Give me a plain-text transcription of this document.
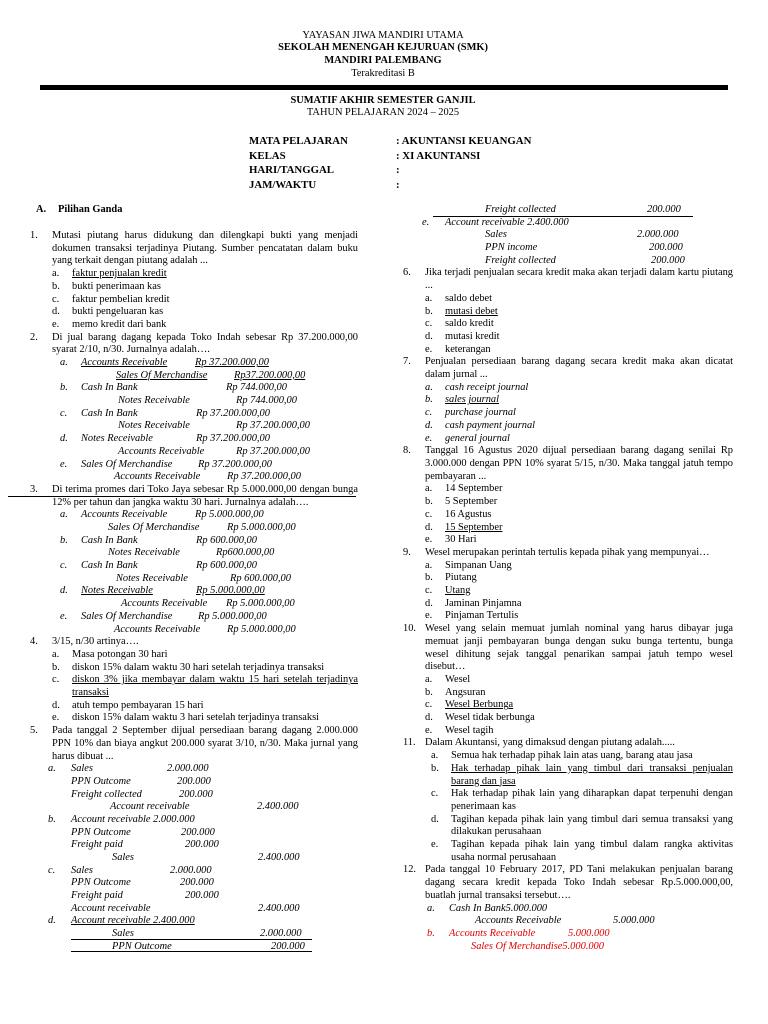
YAYASAN JIWA MANDIRI UTAMA
SEKOLAH MENENGAH KEJURUAN (SMK)
MANDIRI PALEMBANG
Terakreditasi B
SUMATIF AKHIR SEMESTER GANJIL
TAHUN PELAJARAN 2024 – 2025
MATA PELAJARAN	: AKUNTANSI KEUANGAN
KELAS	: XI AKUNTANSI
HARI/TANGGAL	:
JAM/WAKTU	:
A. Pilihan Ganda
1. Mutasi piutang harus didukung dan dilengkapi bukti yang menjadi dokumen transaksi terjadinya Piutang. Sumber pencatatan dalam buku yang terkait dengan piutang adalah ...
a. faktur penjualan kredit
b. bukti penerimaan kas
c. faktur pembelian kredit
d. bukti pengeluaran kas
e. memo kredit dari bank
2. Di jual barang dagang kepada Toko Indah sebesar Rp 37.200.000,00 syarat 2/10, n/30. Jurnalnya adalah….
a. Accounts Receivable	Rp 37.200.000,00
Sales Of Merchandise	Rp37.200.000,00
b. Cash In Bank	Rp 744.000,00
Notes Receivable	Rp 744.000,00
c. Cash In Bank	Rp 37.200.000,00
Notes Receivable	Rp 37.200.000,00
d. Notes Receivable	Rp 37.200.000,00
Accounts Receivable	Rp 37.200.000,00
e. Sales Of Merchandise Rp 37.200.000,00
Accounts Receivable	Rp 37.200.000,00
3. Di terima promes dari Toko Jaya sebesar Rp 5.000.000,00 dengan bunga 12% per tahun dan jangka waktu 30 hari. Jurnalnya adalah….
a. Accounts Receivable	Rp 5.000.000,00
Sales Of Merchandise	Rp 5.000.000,00
b. Cash In Bank	Rp 600.000,00
Notes Receivable	Rp600.000,00
c. Cash In Bank	Rp 600.000,00
Notes Receivable	Rp 600.000,00
d. Notes Receivable	Rp 5.000.000,00
Accounts Receivable Rp 5.000.000,00
e. Sales Of Merchandise Rp 5.000.000,00
Accounts Receivable	Rp 5.000.000,00
4. 3/15, n/30 artinya….
a. Masa potongan 30 hari
b. diskon 15% dalam waktu 30 hari setelah terjadinya transaksi
c. diskon 3% jika membayar dalam waktu 15 hari setelah terjadinya transaksi
d. atuh tempo pembayaran 15 hari
e. diskon 15% dalam waktu 3 hari setelah terjadinya transaksi
5. Pada tanggal 2 September dijual persediaan barang dagang 2.000.000 PPN 10% dan biaya angkut 200.000 syarat 3/10, n/30. Maka jurnal yang harus dibuat ...
a. Sales	2.000.000
PPN Outcome	200.000
Freight collected	200.000
Account receivable	2.400.000
b. Account receivable 2.000.000
PPN Outcome	200.000
Freight paid	200.000
Sales	2.400.000
c. Sales	2.000.000
PPN Outcome	200.000
Freight paid	200.000
Account receivable	2.400.000
d. Account receivable 2.400.000
Sales	2.000.000
PPN Outcome	200.000
Freight collected	200.000
e. Account receivable 2.400.000
Sales	2.000.000
PPN income	200.000
Freight collected	200.000
6. Jika terjadi penjualan secara kredit maka akan terjadi dalam kartu piutang ...
a. saldo debet
b. mutasi debet
c. saldo kredit
d. mutasi kredit
e. keterangan
7. Penjualan persediaan barang dagang secara kredit maka akan dicatat dalam jurnal ...
a. cash receipt journal
b. sales journal
c. purchase journal
d. cash payment journal
e. general journal
8. Tanggal 16 Agustus 2020 dijual persediaan barang dagang senilai Rp 3.000.000 dengan PPN 10% syarat 5/15, n/30. Maka tanggal jatuh tempo pembayaran ...
a. 14 September
b. 5 September
c. 16 Agustus
d. 15 September
e. 30 Hari
9. Wesel merupakan perintah tertulis kepada pihak yang mempunyai…
a. Simpanan Uang
b. Piutang
c. Utang
d. Jaminan Pinjamna
e. Pinjaman Tertulis
10. Wesel yang selain memuat jumlah nominal yang harus dibayar juga memuat janji pembayaran bunga dengan suku bunga tertentu, bunga wesel dihitung sejak tanggal penarikan sampai jatuh tempo wesel disebut…
a. Wesel
b. Angsuran
c. Wesel Berbunga
d. Wesel tidak berbunga
e. Wesel tagih
11. Dalam Akuntansi, yang dimaksud dengan piutang adalah.....
a. Semua hak terhadap pihak lain atas uang, barang atau jasa
b. Hak terhadap pihak lain yang timbul dari transaksi penjualan barang dan jasa
c. Hak terhadap pihak lain yang diharapkan dapat terpenuhi dengan penerimaan kas
d. Tagihan kepada pihak lain yang timbul dari semua transaksi yang dilakukan perusahaan
e. Tagihan kepada pihak lain yang timbul dalam rangka aktivitas usaha normal perusahaan
12. Pada tanggal 10 February 2017, PD Tani melakukan penjualan barang dagang secara kredit kepada Toko Indah sebesar Rp.5.000.000,00, buatlah jurnal transaksi tersebut….
a. Cash In Bank5.000.000
Accounts Receivable	5.000.000
b. Accounts Receivable	5.000.000
Sales Of Merchandise5.000.000
